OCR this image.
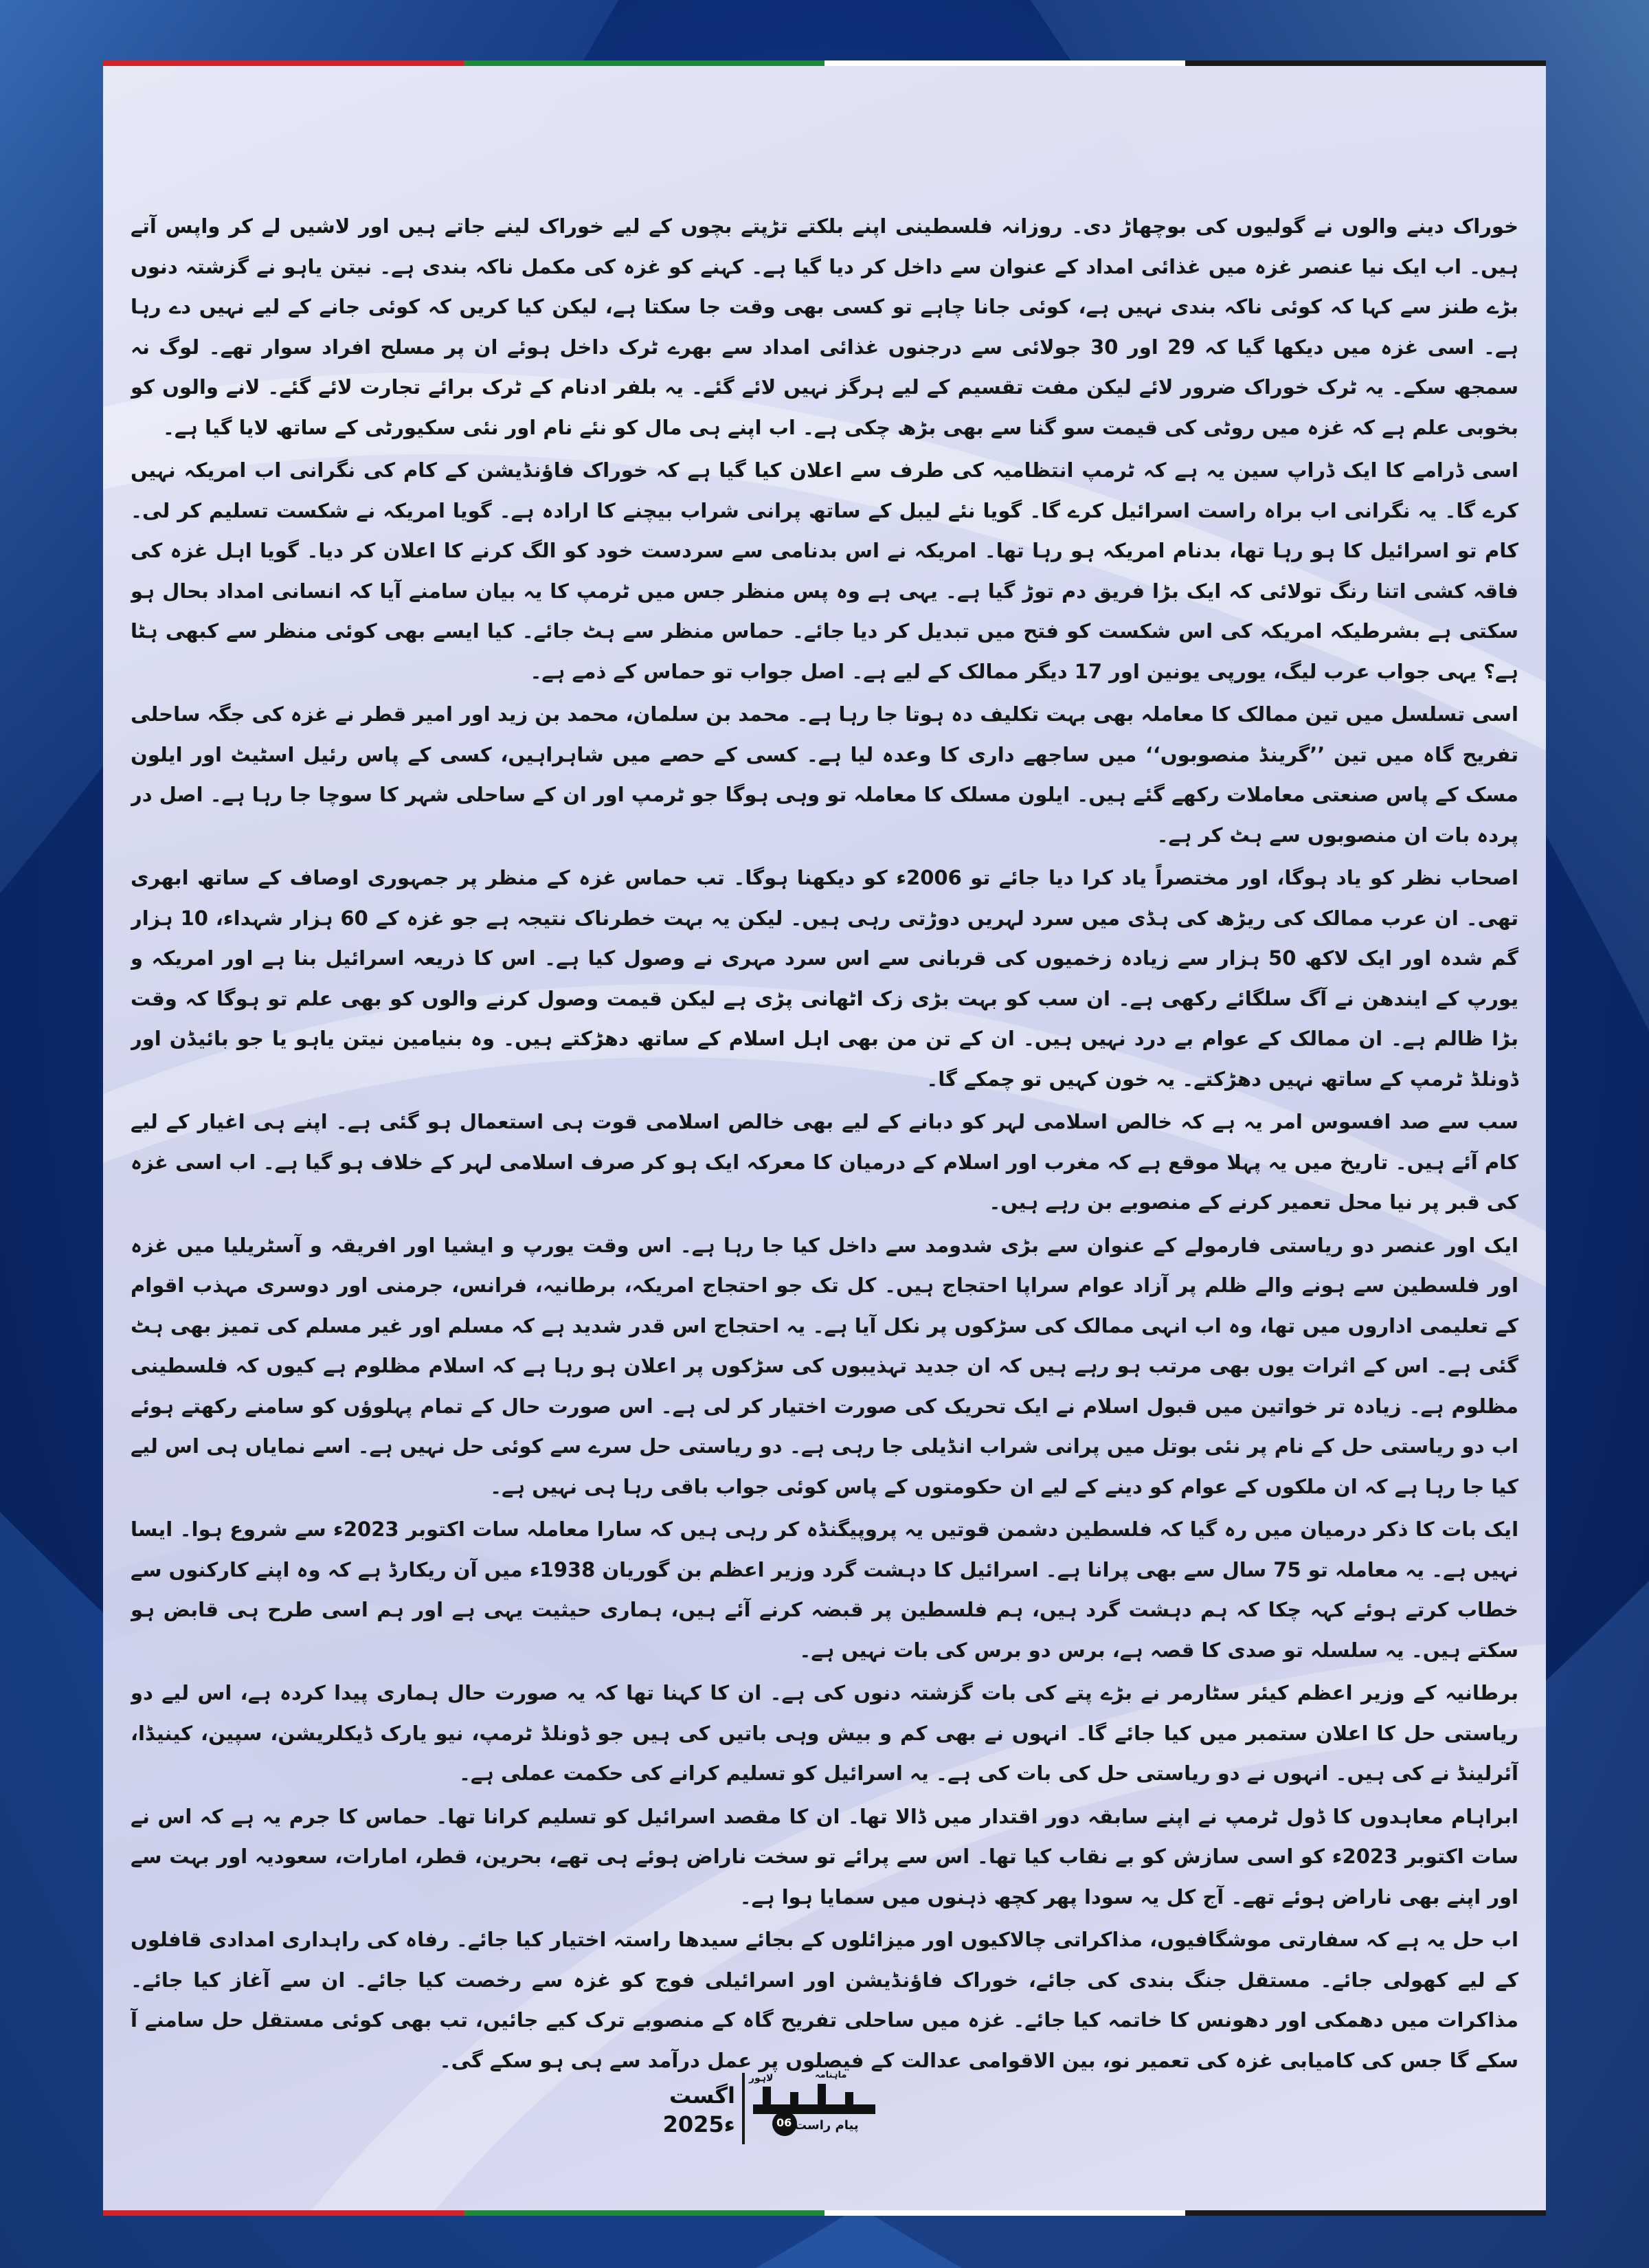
خوراک دینے والوں نے گولیوں کی بوچھاڑ دی۔ روزانہ فلسطینی اپنے بلکتے تڑپتے بچوں کے لیے خوراک لینے جاتے ہیں اور لاشیں لے کر واپس آتے ہیں۔ اب ایک نیا عنصر غزہ میں غذائی امداد کے عنوان سے داخل کر دیا گیا ہے۔ کہنے کو غزہ کی مکمل ناکہ بندی ہے۔ نیتن یاہو نے گزشتہ دنوں بڑے طنز سے کہا کہ کوئی ناکہ بندی نہیں ہے، کوئی جانا چاہے تو کسی بھی وقت جا سکتا ہے، لیکن کیا کریں کہ کوئی جانے کے لیے نہیں دے رہا ہے۔ اسی غزہ میں دیکھا گیا کہ 29 اور 30 جولائی سے درجنوں غذائی امداد سے بھرے ٹرک داخل ہوئے ان پر مسلح افراد سوار تھے۔ لوگ نہ سمجھ سکے۔ یہ ٹرک خوراک ضرور لائے لیکن مفت تقسیم کے لیے ہرگز نہیں لائے گئے۔ یہ بلفر ادنام کے ٹرک برائے تجارت لائے گئے۔ لانے والوں کو بخوبی علم ہے کہ غزہ میں روٹی کی قیمت سو گنا سے بھی بڑھ چکی ہے۔ اب اپنے ہی مال کو نئے نام اور نئی سکیورٹی کے ساتھ لایا گیا ہے۔

اسی ڈرامے کا ایک ڈراپ سین یہ ہے کہ ٹرمپ انتظامیہ کی طرف سے اعلان کیا گیا ہے کہ خوراک فاؤنڈیشن کے کام کی نگرانی اب امریکہ نہیں کرے گا۔ یہ نگرانی اب براہ راست اسرائیل کرے گا۔ گویا نئے لیبل کے ساتھ پرانی شراب بیچنے کا ارادہ ہے۔ گویا امریکہ نے شکست تسلیم کر لی۔ کام تو اسرائیل کا ہو رہا تھا، بدنام امریکہ ہو رہا تھا۔ امریکہ نے اس بدنامی سے سردست خود کو الگ کرنے کا اعلان کر دیا۔ گویا اہل غزہ کی فاقہ کشی اتنا رنگ تولائی کہ ایک بڑا فریق دم توڑ گیا ہے۔ یہی ہے وہ پس منظر جس میں ٹرمپ کا یہ بیان سامنے آیا کہ انسانی امداد بحال ہو سکتی ہے بشرطیکہ امریکہ کی اس شکست کو فتح میں تبدیل کر دیا جائے۔ حماس منظر سے ہٹ جائے۔ کیا ایسے بھی کوئی منظر سے کبھی ہٹا ہے؟ یہی جواب عرب لیگ، یورپی یونین اور 17 دیگر ممالک کے لیے ہے۔ اصل جواب تو حماس کے ذمے ہے۔

اسی تسلسل میں تین ممالک کا معاملہ بھی بہت تکلیف دہ ہوتا جا رہا ہے۔ محمد بن سلمان، محمد بن زید اور امیر قطر نے غزہ کی جگہ ساحلی تفریح گاہ میں تین ’’گرینڈ منصوبوں‘‘ میں ساجھے داری کا وعدہ لیا ہے۔ کسی کے حصے میں شاہراہیں، کسی کے پاس رئیل اسٹیٹ اور ایلون مسک کے پاس صنعتی معاملات رکھے گئے ہیں۔ ایلون مسلک کا معاملہ تو وہی ہوگا جو ٹرمپ اور ان کے ساحلی شہر کا سوچا جا رہا ہے۔ اصل در پردہ بات ان منصوبوں سے ہٹ کر ہے۔

اصحاب نظر کو یاد ہوگا، اور مختصراً یاد کرا دیا جائے تو 2006ء کو دیکھنا ہوگا۔ تب حماس غزہ کے منظر پر جمہوری اوصاف کے ساتھ ابھری تھی۔ ان عرب ممالک کی ریڑھ کی ہڈی میں سرد لہریں دوڑتی رہی ہیں۔ لیکن یہ بہت خطرناک نتیجہ ہے جو غزہ کے 60 ہزار شہداء، 10 ہزار گم شدہ اور ایک لاکھ 50 ہزار سے زیادہ زخمیوں کی قربانی سے اس سرد مہری نے وصول کیا ہے۔ اس کا ذریعہ اسرائیل بنا ہے اور امریکہ و یورپ کے ایندھن نے آگ سلگائے رکھی ہے۔ ان سب کو بہت بڑی زک اٹھانی پڑی ہے لیکن قیمت وصول کرنے والوں کو بھی علم تو ہوگا کہ وقت بڑا ظالم ہے۔ ان ممالک کے عوام بے درد نہیں ہیں۔ ان کے تن من بھی اہل اسلام کے ساتھ دھڑکتے ہیں۔ وہ بنیامین نیتن یاہو یا جو بائیڈن اور ڈونلڈ ٹرمپ کے ساتھ نہیں دھڑکتے۔ یہ خون کہیں تو چمکے گا۔

سب سے صد افسوس امر یہ ہے کہ خالص اسلامی لہر کو دبانے کے لیے بھی خالص اسلامی قوت ہی استعمال ہو گئی ہے۔ اپنے ہی اغیار کے لیے کام آئے ہیں۔ تاریخ میں یہ پہلا موقع ہے کہ مغرب اور اسلام کے درمیان کا معرکہ ایک ہو کر صرف اسلامی لہر کے خلاف ہو گیا ہے۔ اب اسی غزہ کی قبر پر نیا محل تعمیر کرنے کے منصوبے بن رہے ہیں۔

ایک اور عنصر دو ریاستی فارمولے کے عنوان سے بڑی شدومد سے داخل کیا جا رہا ہے۔ اس وقت یورپ و ایشیا اور افریقہ و آسٹریلیا میں غزہ اور فلسطین سے ہونے والے ظلم پر آزاد عوام سراپا احتجاج ہیں۔ کل تک جو احتجاج امریکہ، برطانیہ، فرانس، جرمنی اور دوسری مہذب اقوام کے تعلیمی اداروں میں تھا، وہ اب انہی ممالک کی سڑکوں پر نکل آیا ہے۔ یہ احتجاج اس قدر شدید ہے کہ مسلم اور غیر مسلم کی تمیز بھی ہٹ گئی ہے۔ اس کے اثرات یوں بھی مرتب ہو رہے ہیں کہ ان جدید تہذیبوں کی سڑکوں پر اعلان ہو رہا ہے کہ اسلام مظلوم ہے کیوں کہ فلسطینی مظلوم ہے۔ زیادہ تر خواتین میں قبول اسلام نے ایک تحریک کی صورت اختیار کر لی ہے۔ اس صورت حال کے تمام پہلوؤں کو سامنے رکھتے ہوئے اب دو ریاستی حل کے نام پر نئی بوتل میں پرانی شراب انڈیلی جا رہی ہے۔ دو ریاستی حل سرے سے کوئی حل نہیں ہے۔ اسے نمایاں ہی اس لیے کیا جا رہا ہے کہ ان ملکوں کے عوام کو دینے کے لیے ان حکومتوں کے پاس کوئی جواب باقی رہا ہی نہیں ہے۔

ایک بات کا ذکر درمیان میں رہ گیا کہ فلسطین دشمن قوتیں یہ پروپیگنڈہ کر رہی ہیں کہ سارا معاملہ سات اکتوبر 2023ء سے شروع ہوا۔ ایسا نہیں ہے۔ یہ معاملہ تو 75 سال سے بھی پرانا ہے۔ اسرائیل کا دہشت گرد وزیر اعظم بن گوریان 1938ء میں آن ریکارڈ ہے کہ وہ اپنے کارکنوں سے خطاب کرتے ہوئے کہہ چکا کہ ہم دہشت گرد ہیں، ہم فلسطین پر قبضہ کرنے آئے ہیں، ہماری حیثیت یہی ہے اور ہم اسی طرح ہی قابض ہو سکتے ہیں۔ یہ سلسلہ تو صدی کا قصہ ہے، برس دو برس کی بات نہیں ہے۔

برطانیہ کے وزیر اعظم کیئر سٹارمر نے بڑے پتے کی بات گزشتہ دنوں کی ہے۔ ان کا کہنا تھا کہ یہ صورت حال ہماری پیدا کردہ ہے، اس لیے دو ریاستی حل کا اعلان ستمبر میں کیا جائے گا۔ انہوں نے بھی کم و بیش وہی باتیں کی ہیں جو ڈونلڈ ٹرمپ، نیو یارک ڈیکلریشن، سپین، کینیڈا، آئرلینڈ نے کی ہیں۔ انہوں نے دو ریاستی حل کی بات کی ہے۔ یہ اسرائیل کو تسلیم کرانے کی حکمت عملی ہے۔

ابراہام معاہدوں کا ڈول ٹرمپ نے اپنے سابقہ دور اقتدار میں ڈالا تھا۔ ان کا مقصد اسرائیل کو تسلیم کرانا تھا۔ حماس کا جرم یہ ہے کہ اس نے سات اکتوبر 2023ء کو اسی سازش کو بے نقاب کیا تھا۔ اس سے پرائے تو سخت ناراض ہوئے ہی تھے، بحرین، قطر، امارات، سعودیہ اور بہت سے اور اپنے بھی ناراض ہوئے تھے۔ آج کل یہ سودا پھر کچھ ذہنوں میں سمایا ہوا ہے۔

اب حل یہ ہے کہ سفارتی موشگافیوں، مذاکراتی چالاکیوں اور میزائلوں کے بجائے سیدھا راستہ اختیار کیا جائے۔ رفاہ کی راہداری امدادی قافلوں کے لیے کھولی جائے۔ مستقل جنگ بندی کی جائے، خوراک فاؤنڈیشن اور اسرائیلی فوج کو غزہ سے رخصت کیا جائے۔ ان سے آغاز کیا جائے۔ مذاکرات میں دھمکی اور دھونس کا خاتمہ کیا جائے۔ غزہ میں ساحلی تفریح گاہ کے منصوبے ترک کیے جائیں، تب بھی کوئی مستقل حل سامنے آ سکے گا جس کی کامیابی غزہ کی تعمیر نو، بین الاقوامی عدالت کے فیصلوں پر عمل درآمد سے ہی ہو سکے گی۔

اگست
2025ء	پیام راست
ماہنامہ
لاہور
06
